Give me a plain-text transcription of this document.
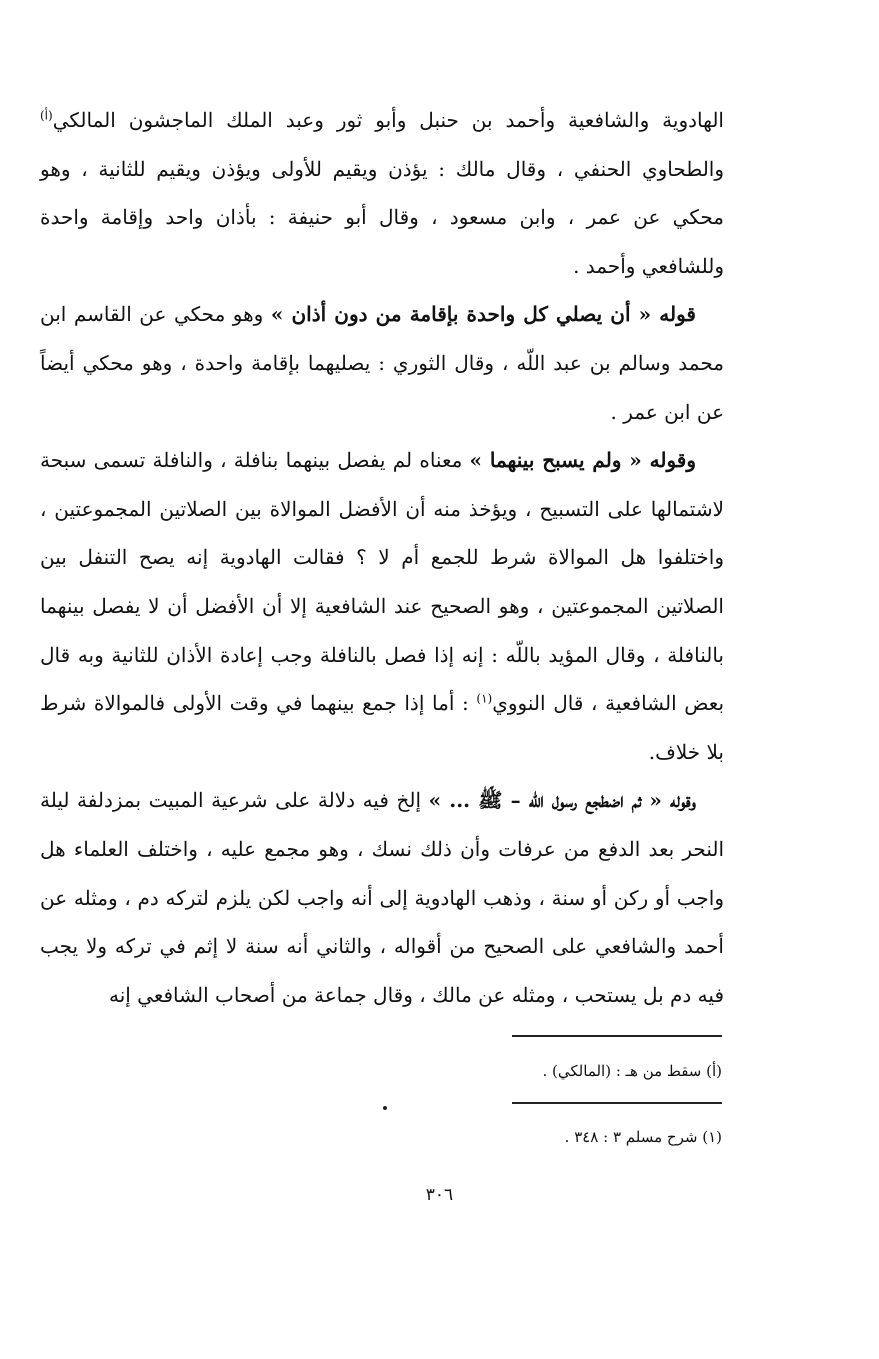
الهادوية والشافعية وأحمد بن حنبل وأبو ثور وعبد الملك الماجشون المالكي$^{(أ)}$ والطحاوي الحنفي ، وقال مالك : يؤذن ويقيم للأولى ويؤذن ويقيم للثانية ، وهو محكي عن عمر ، وابن مسعود ، وقال أبو حنيفة : بأذان واحد وإقامة واحدة وللشافعي وأحمد .

قوله « أن يصلي كل واحدة بإقامة من دون أذان » وهو محكي عن القاسم ابن محمد وسالم بن عبد اللّه ، وقال الثوري : يصليهما بإقامة واحدة ، وهو محكي أيضاً عن ابن عمر .

وقوله « ولم يسبح بينهما » معناه لم يفصل بينهما بنافلة ، والنافلة تسمى سبحة لاشتمالها على التسبيح ، ويؤخذ منه أن الأفضل الموالاة بين الصلاتين المجموعتين ، واختلفوا هل الموالاة شرط للجمع أم لا ؟ فقالت الهادوية إنه يصح التنفل بين الصلاتين المجموعتين ، وهو الصحيح عند الشافعية إلا أن الأفضل أن لا يفصل بينهما بالنافلة ، وقال المؤيد باللّه : إنه إذا فصل بالنافلة وجب إعادة الأذان للثانية وبه قال بعض الشافعية ، قال النووي$^{(١)}$ : أما إذا جمع بينهما في وقت الأولى فالموالاة شرط بلا خلاف.

وقوله « ثم اضطجع رسول اللّه – ﷺ ... » إلخ فيه دلالة على شرعية المبيت بمزدلفة ليلة النحر بعد الدفع من عرفات وأن ذلك نسك ، وهو مجمع عليه ، واختلف العلماء هل واجب أو ركن أو سنة ، وذهب الهادوية إلى أنه واجب لكن يلزم لتركه دم ، ومثله عن أحمد والشافعي على الصحيح من أقواله ، والثاني أنه سنة لا إثم في تركه ولا يجب فيه دم بل يستحب ، ومثله عن مالك ، وقال جماعة من أصحاب الشافعي إنه

(أ) سقط من هـ : (المالكي) .
(١) شرح مسلم ٣ : ٣٤٨ .
٣٠٦
